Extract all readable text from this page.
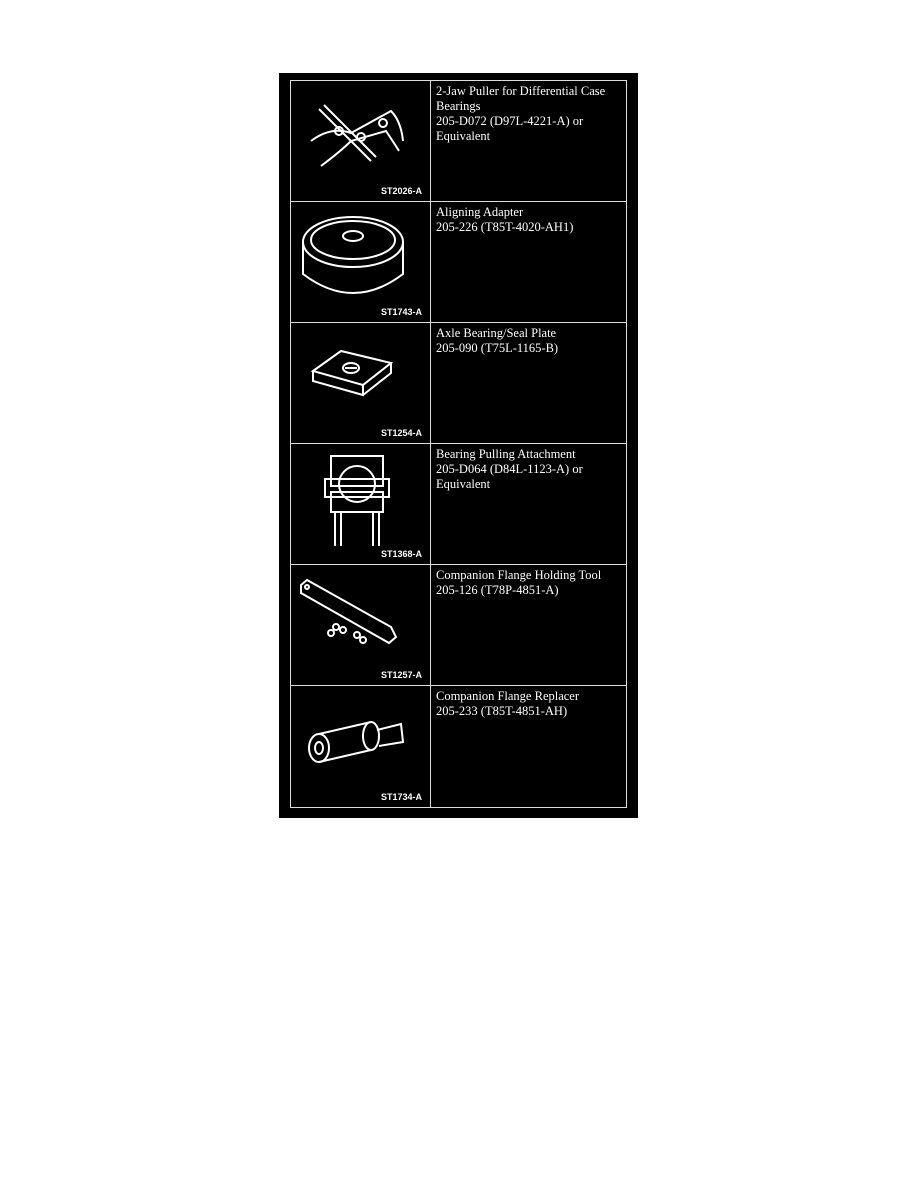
ST2026-A
2-Jaw Puller for Differential Case
Bearings
205-D072 (D97L-4221-A) or
Equivalent
ST1743-A
Aligning Adapter
205-226 (T85T-4020-AH1)
ST1254-A
Axle Bearing/Seal Plate
205-090 (T75L-1165-B)
ST1368-A
Bearing Pulling Attachment
205-D064 (D84L-1123-A) or
Equivalent
ST1257-A
Companion Flange Holding Tool
205-126 (T78P-4851-A)
ST1734-A
Companion Flange Replacer
205-233 (T85T-4851-AH)
